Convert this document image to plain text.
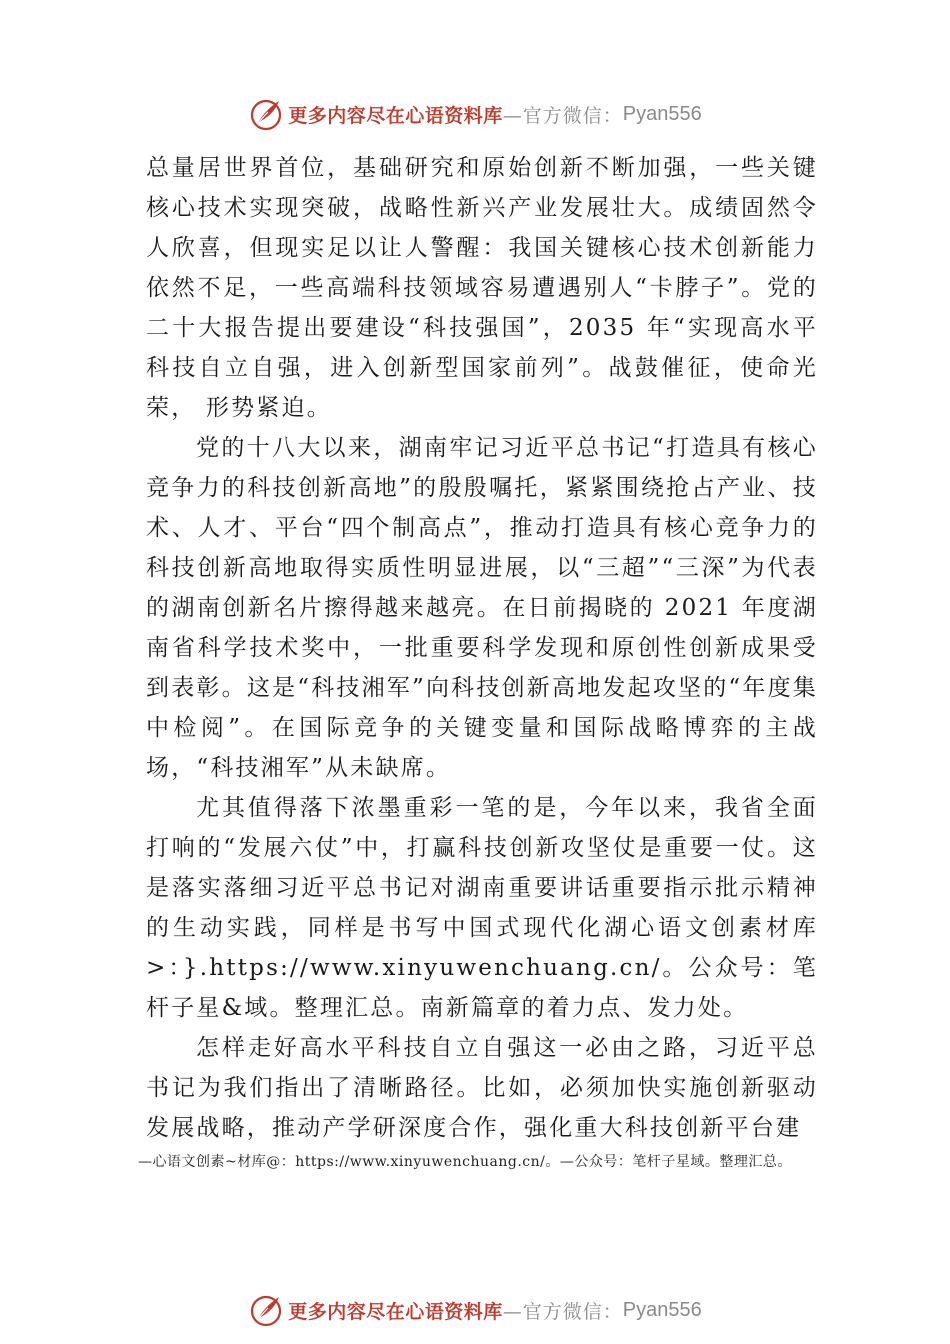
更多内容尽在心语资料库 —官方微信： Pyan556

总量居世界首位，基础研究和原始创新不断加强，一些关键核心技术实现突破，战略性新兴产业发展壮大。成绩固然令人欣喜，但现实足以让人警醒：我国关键核心技术创新能力依然不足，一些高端科技领域容易遭遇别人“卡脖子”。党的二十大报告提出要建设“科技强国”，2035 年“实现高水平科技自立自强，进入创新型国家前列”。战鼓催征，使命光荣， 形势紧迫。

党的十八大以来，湖南牢记习近平总书记“打造具有核心竞争力的科技创新高地”的殷殷嘱托，紧紧围绕抢占产业、技术、人才、平台“四个制高点”，推动打造具有核心竞争力的科技创新高地取得实质性明显进展，以“三超”“三深”为代表的湖南创新名片擦得越来越亮。在日前揭晓的 2021 年度湖南省科学技术奖中，一批重要科学发现和原创性创新成果受到表彰。这是“科技湘军”向科技创新高地发起攻坚的“年度集中检阅”。在国际竞争的关键变量和国际战略博弈的主战场，“科技湘军”从未缺席。

尤其值得落下浓墨重彩一笔的是，今年以来，我省全面打响的“发展六仗”中，打赢科技创新攻坚仗是重要一仗。这是落实落细习近平总书记对湖南重要讲话重要指示批示精神的生动实践，同样是书写中国式现代化湖心语文创素材库>：}.https://www.xinyuwenchuang.cn/。公众号：笔杆子星&域。整理汇总。南新篇章的着力点、发力处。

怎样走好高水平科技自立自强这一必由之路，习近平总书记为我们指出了清晰路径。比如，必须加快实施创新驱动发展战略，推动产学研深度合作，强化重大科技创新平台建

—心语文创素~材库@：https://www.xinyuwenchuang.cn/。—公众号：笔杆子星域。整理汇总。
更多内容尽在心语资料库 —官方微信： Pyan556
